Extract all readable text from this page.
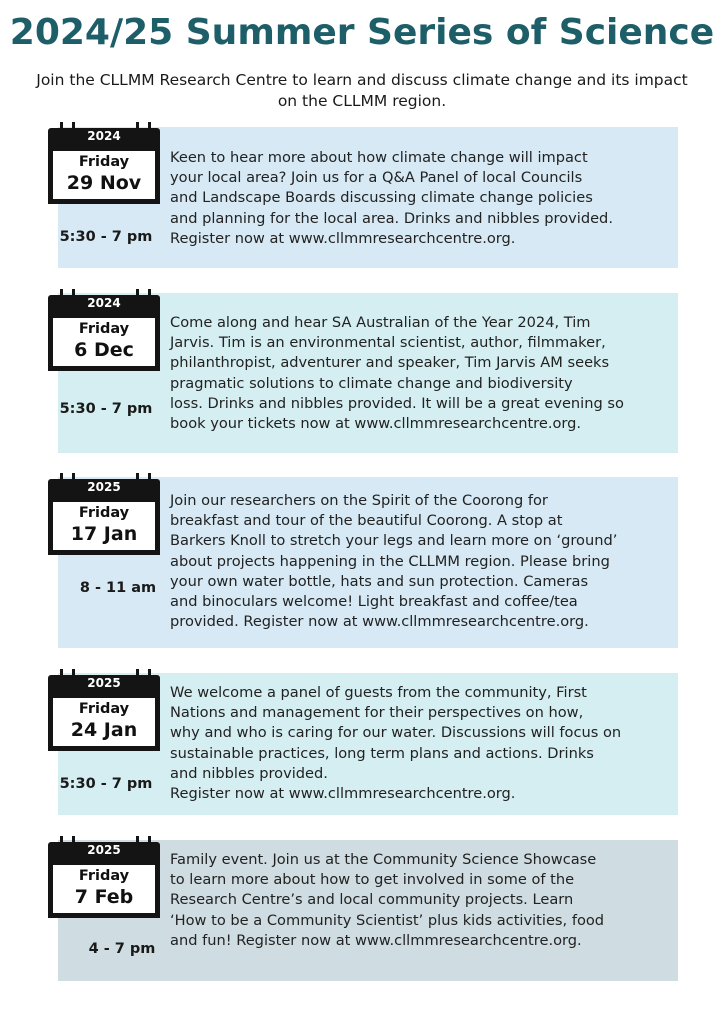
2024/25 Summer Series of Science
Join the CLLMM Research Centre to learn and discuss climate change and its impact
on the CLLMM region.
2024
Friday
29 Nov
5:30 - 7 pm
Keen to hear more about how climate change will impact
your local area? Join us for a Q&A Panel of local Councils
and Landscape Boards discussing climate change policies
and planning for the local area. Drinks and nibbles provided.
Register now at www.cllmmresearchcentre.org.
2024
Friday
6 Dec
5:30 - 7 pm
Come along and hear SA Australian of the Year 2024, Tim
Jarvis. Tim is an environmental scientist, author, filmmaker,
philanthropist, adventurer and speaker, Tim Jarvis AM seeks
pragmatic solutions to climate change and biodiversity
loss. Drinks and nibbles provided. It will be a great evening so
book your tickets now at www.cllmmresearchcentre.org.
2025
Friday
17 Jan
8 - 11 am
Join our researchers on the Spirit of the Coorong for
breakfast and tour of the beautiful Coorong. A stop at
Barkers Knoll to stretch your legs and learn more on ‘ground’
about projects happening in the CLLMM region. Please bring
your own water bottle, hats and sun protection. Cameras
and binoculars welcome! Light breakfast and coffee/tea
provided. Register now at www.cllmmresearchcentre.org.
2025
Friday
24 Jan
5:30 - 7 pm
We welcome a panel of guests from the community, First
Nations and management for their perspectives on how,
why and who is caring for our water. Discussions will focus on
sustainable practices, long term plans and actions. Drinks
and nibbles provided.
Register now at www.cllmmresearchcentre.org.
2025
Friday
7 Feb
4 - 7 pm
Family event. Join us at the Community Science Showcase
to learn more about how to get involved in some of the
Research Centre’s and local community projects. Learn
‘How to be a Community Scientist’ plus kids activities, food
and fun! Register now at www.cllmmresearchcentre.org.
